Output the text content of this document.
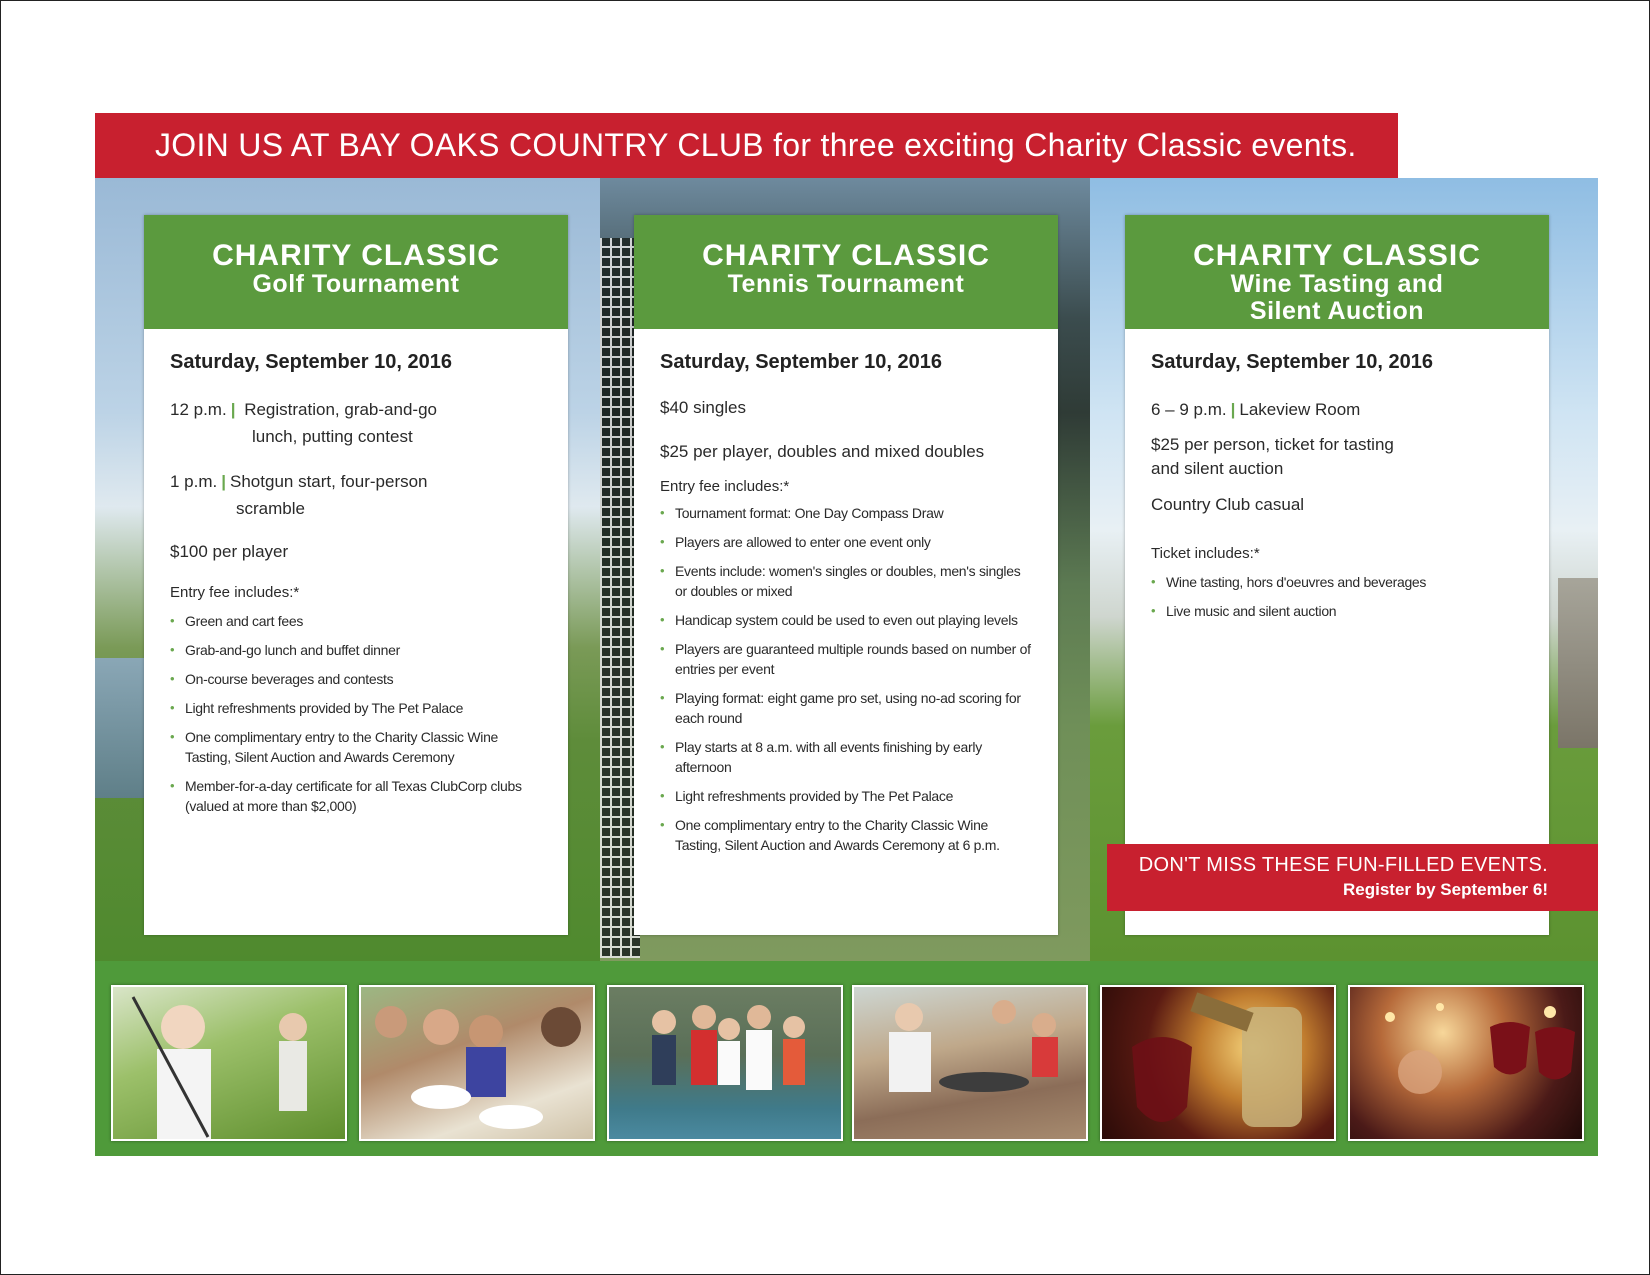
JOIN US AT BAY OAKS COUNTRY CLUB for three exciting Charity Classic events.
CHARITY CLASSIC
Golf Tournament
Saturday, September 10, 2016
12 p.m. | Registration, grab-and-go
lunch, putting contest
1 p.m. | Shotgun start, four-person
scramble
$100 per player
Entry fee includes:*
• Green and cart fees
• Grab-and-go lunch and buffet dinner
• On-course beverages and contests
• Light refreshments provided by The Pet Palace
• One complimentary entry to the Charity Classic Wine Tasting, Silent Auction and Awards Ceremony
• Member-for-a-day certificate for all Texas ClubCorp clubs (valued at more than $2,000)
CHARITY CLASSIC
Tennis Tournament
Saturday, September 10, 2016
$40 singles
$25 per player, doubles and mixed doubles
Entry fee includes:*
• Tournament format: One Day Compass Draw
• Players are allowed to enter one event only
• Events include: women's singles or doubles, men's singles or doubles or mixed
• Handicap system could be used to even out playing levels
• Players are guaranteed multiple rounds based on number of entries per event
• Playing format: eight game pro set, using no-ad scoring for each round
• Play starts at 8 a.m. with all events finishing by early afternoon
• Light refreshments provided by The Pet Palace
• One complimentary entry to the Charity Classic Wine Tasting, Silent Auction and Awards Ceremony at 6 p.m.
CHARITY CLASSIC
Wine Tasting and
Silent Auction
Saturday, September 10, 2016
6 – 9 p.m. | Lakeview Room
$25 per person, ticket for tasting
and silent auction
Country Club casual
Ticket includes:*
• Wine tasting, hors d'oeuvres and beverages
• Live music and silent auction
DON'T MISS THESE FUN-FILLED EVENTS.
Register by September 6!
